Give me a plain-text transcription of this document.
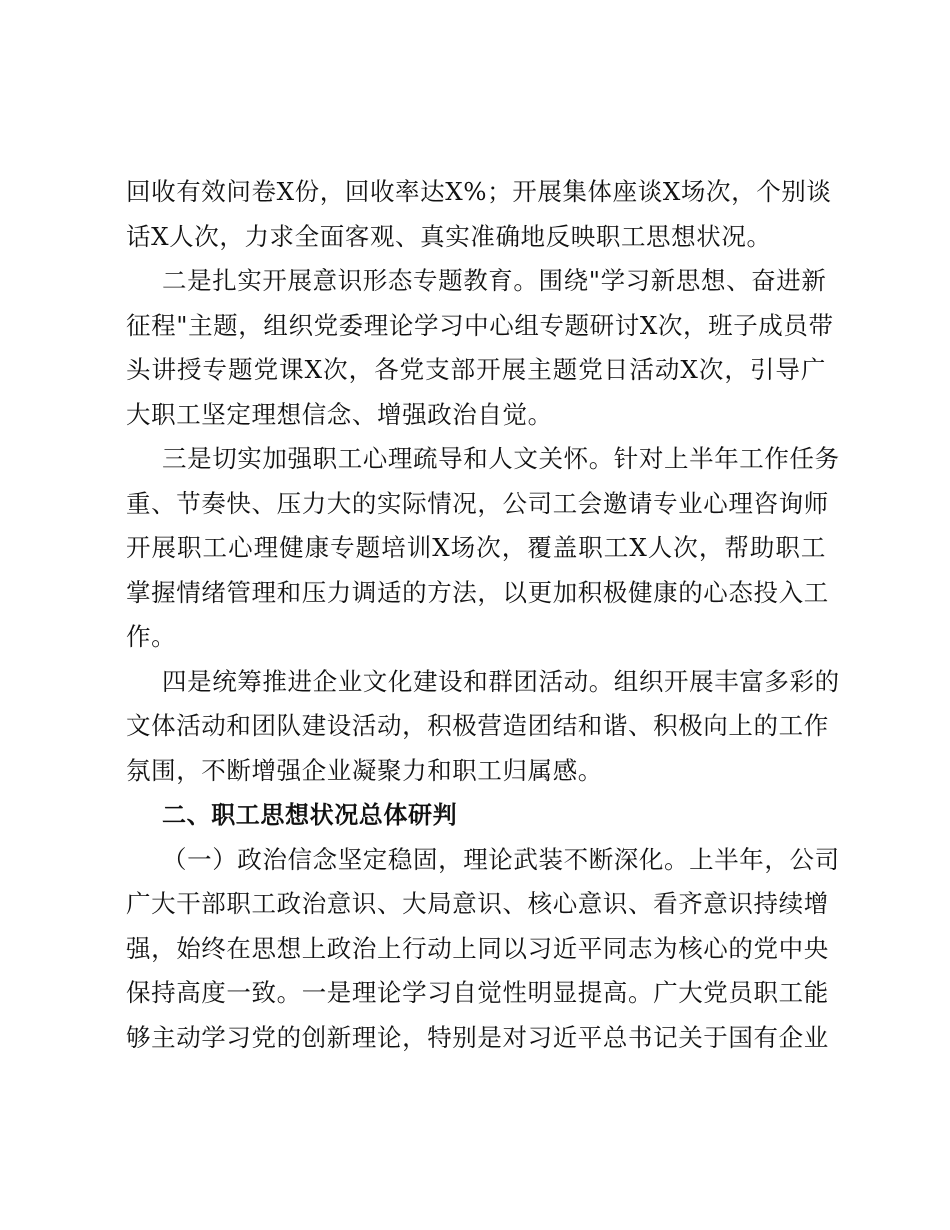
回收有效问卷X份，回收率达X%；开展集体座谈X场次，个别谈
话X人次，力求全面客观、真实准确地反映职工思想状况。
二是扎实开展意识形态专题教育。围绕"学习新思想、奋进新
征程"主题，组织党委理论学习中心组专题研讨X次，班子成员带
头讲授专题党课X次，各党支部开展主题党日活动X次，引导广
大职工坚定理想信念、增强政治自觉。
三是切实加强职工心理疏导和人文关怀。针对上半年工作任务
重、节奏快、压力大的实际情况，公司工会邀请专业心理咨询师
开展职工心理健康专题培训X场次，覆盖职工X人次，帮助职工
掌握情绪管理和压力调适的方法，以更加积极健康的心态投入工
作。
四是统筹推进企业文化建设和群团活动。组织开展丰富多彩的
文体活动和团队建设活动，积极营造团结和谐、积极向上的工作
氛围，不断增强企业凝聚力和职工归属感。
二、职工思想状况总体研判
（一）政治信念坚定稳固，理论武装不断深化。上半年，公司
广大干部职工政治意识、大局意识、核心意识、看齐意识持续增
强，始终在思想上政治上行动上同以习近平同志为核心的党中央
保持高度一致。一是理论学习自觉性明显提高。广大党员职工能
够主动学习党的创新理论，特别是对习近平总书记关于国有企业
